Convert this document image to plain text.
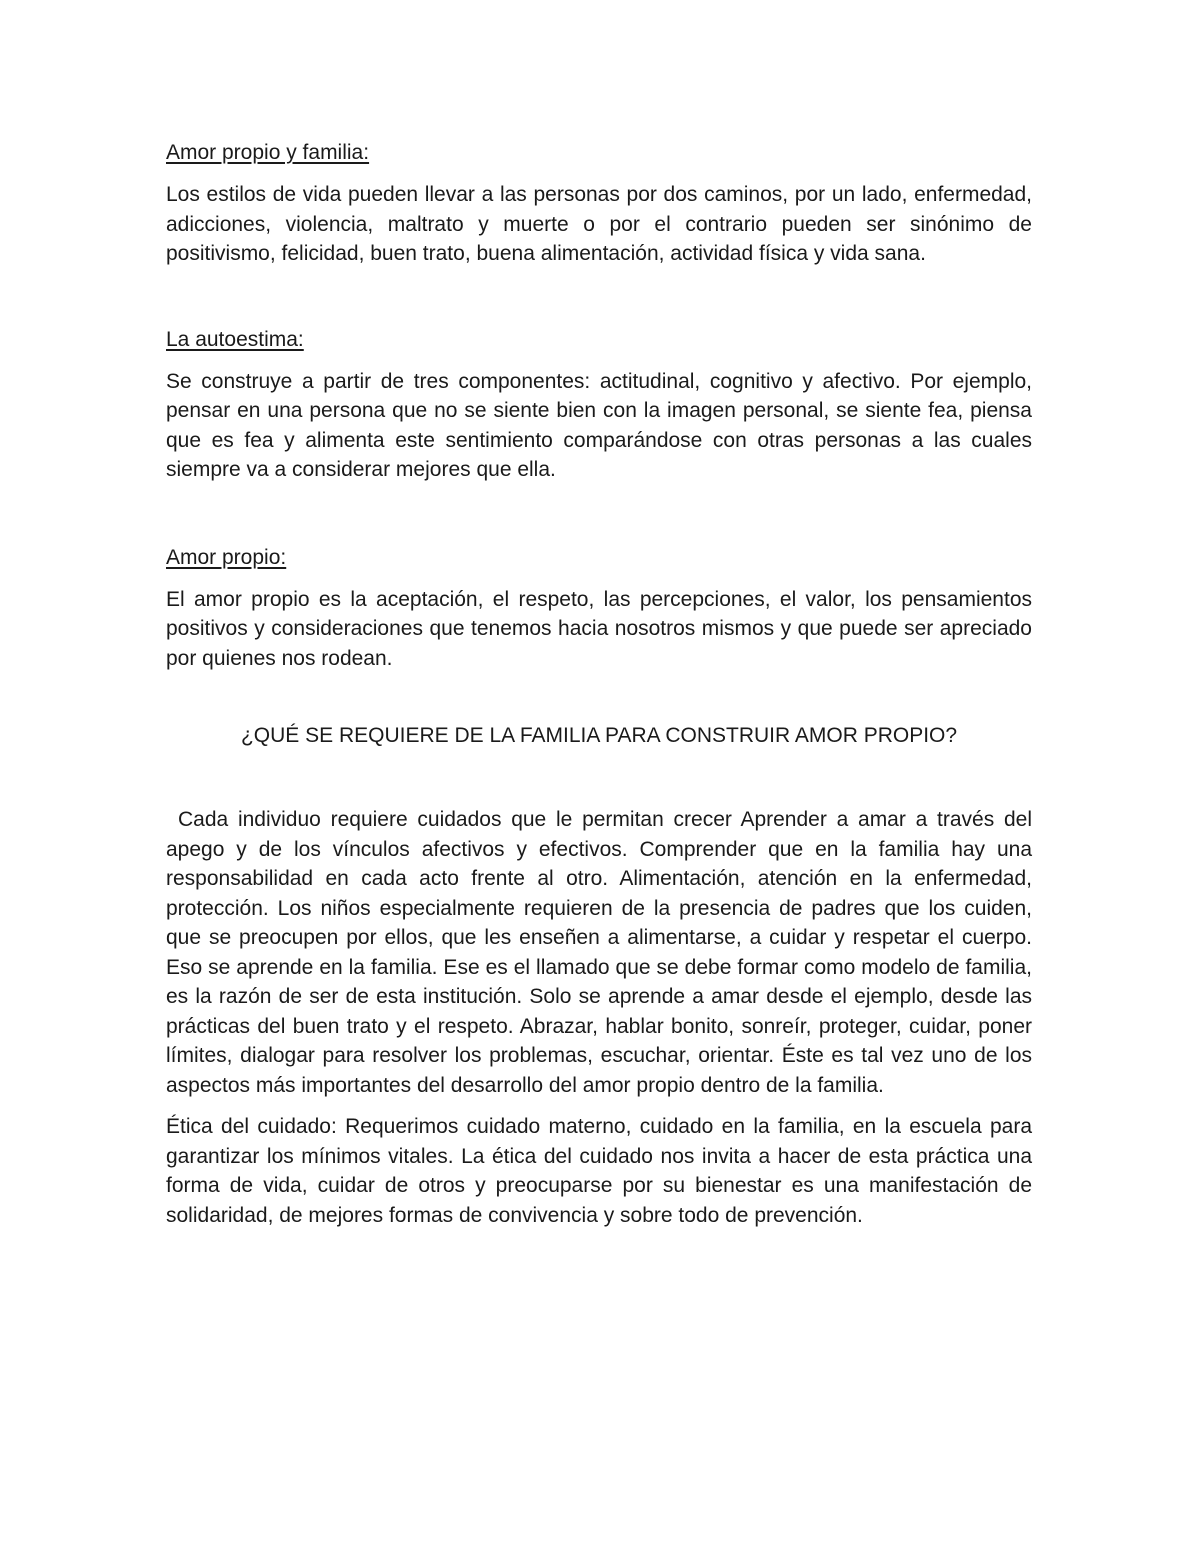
Amor propio y familia:

Los estilos de vida pueden llevar a las personas por dos caminos, por un lado, enfermedad, adicciones, violencia, maltrato y muerte o por el contrario pueden ser sinónimo de positivismo, felicidad, buen trato, buena alimentación, actividad física y vida sana.

La autoestima:

Se construye a partir de tres componentes: actitudinal, cognitivo y afectivo. Por ejemplo, pensar en una persona que no se siente bien con la imagen personal, se siente fea, piensa que es fea y alimenta este sentimiento comparándose con otras personas a las cuales siempre va a considerar mejores que ella.

Amor propio:

El amor propio es la aceptación, el respeto, las percepciones, el valor, los pensamientos positivos y consideraciones que tenemos hacia nosotros mismos y que puede ser apreciado por quienes nos rodean.

¿QUÉ SE REQUIERE DE LA FAMILIA PARA CONSTRUIR AMOR PROPIO?

Cada individuo requiere cuidados que le permitan crecer Aprender a amar a través del apego y de los vínculos afectivos y efectivos. Comprender que en la familia hay una responsabilidad en cada acto frente al otro. Alimentación, atención en la enfermedad, protección. Los niños especialmente requieren de la presencia de padres que los cuiden, que se preocupen por ellos, que les enseñen a alimentarse, a cuidar y respetar el cuerpo. Eso se aprende en la familia. Ese es el llamado que se debe formar como modelo de familia, es la razón de ser de esta institución. Solo se aprende a amar desde el ejemplo, desde las prácticas del buen trato y el respeto. Abrazar, hablar bonito, sonreír, proteger, cuidar, poner límites, dialogar para resolver los problemas, escuchar, orientar. Éste es tal vez uno de los aspectos más importantes del desarrollo del amor propio dentro de la familia.

Ética del cuidado: Requerimos cuidado materno, cuidado en la familia, en la escuela para garantizar los mínimos vitales. La ética del cuidado nos invita a hacer de esta práctica una forma de vida, cuidar de otros y preocuparse por su bienestar es una manifestación de solidaridad, de mejores formas de convivencia y sobre todo de prevención.
